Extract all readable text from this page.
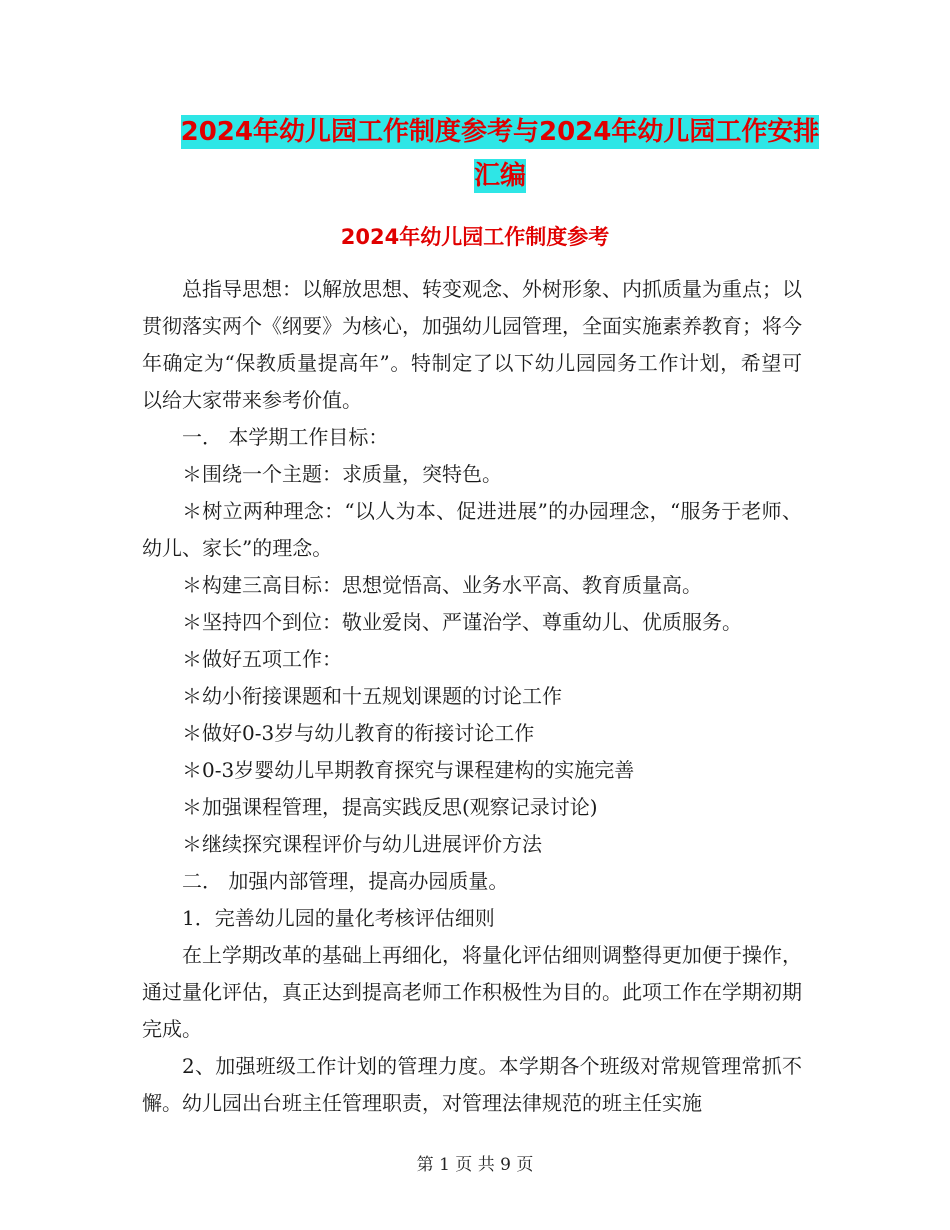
2024年幼儿园工作制度参考与2024年幼儿园工作安排
汇编
2024年幼儿园工作制度参考

总指导思想：以解放思想、转变观念、外树形象、内抓质量为重点；以贯彻落实两个《纲要》为核心，加强幼儿园管理，全面实施素养教育；将今年确定为“保教质量提高年”。特制定了以下幼儿园园务工作计划，希望可以给大家带来参考价值。

一． 本学期工作目标：

＊围绕一个主题：求质量，突特色。

＊树立两种理念：“以人为本、促进进展”的办园理念，“服务于老师、幼儿、家长”的理念。

＊构建三高目标：思想觉悟高、业务水平高、教育质量高。

＊坚持四个到位：敬业爱岗、严谨治学、尊重幼儿、优质服务。

＊做好五项工作：

＊幼小衔接课题和十五规划课题的讨论工作

＊做好0-3岁与幼儿教育的衔接讨论工作

＊0-3岁婴幼儿早期教育探究与课程建构的实施完善

＊加强课程管理，提高实践反思(观察记录讨论)

＊继续探究课程评价与幼儿进展评价方法

二． 加强内部管理，提高办园质量。

1．完善幼儿园的量化考核评估细则

在上学期改革的基础上再细化，将量化评估细则调整得更加便于操作，通过量化评估，真正达到提高老师工作积极性为目的。此项工作在学期初期完成。

2、加强班级工作计划的管理力度。本学期各个班级对常规管理常抓不懈。幼儿园出台班主任管理职责，对管理法律规范的班主任实施

第 1 页 共 9 页
